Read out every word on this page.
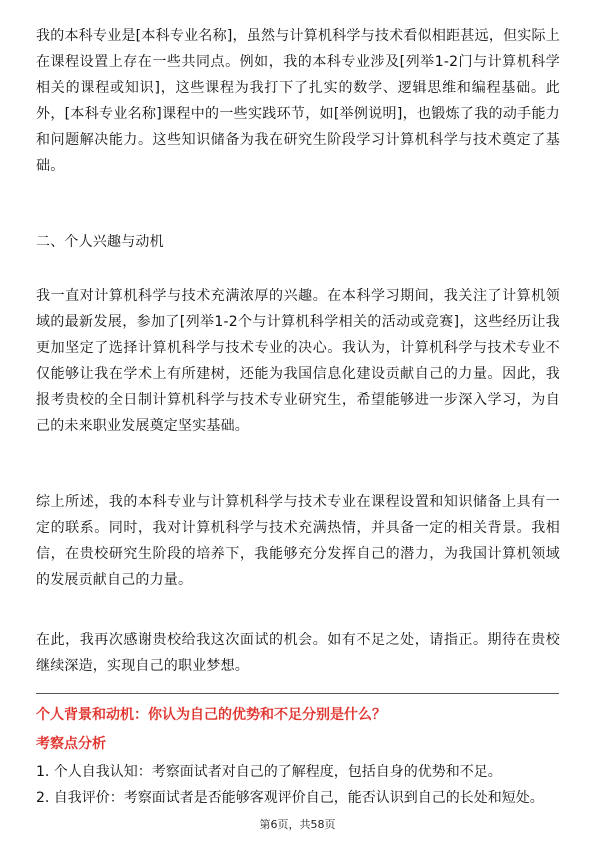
我的本科专业是[本科专业名称]，虽然与计算机科学与技术看似相距甚远，但实际上在课程设置上存在一些共同点。例如，我的本科专业涉及[列举1-2门与计算机科学相关的课程或知识]，这些课程为我打下了扎实的数学、逻辑思维和编程基础。此外，[本科专业名称]课程中的一些实践环节，如[举例说明]，也锻炼了我的动手能力和问题解决能力。这些知识储备为我在研究生阶段学习计算机科学与技术奠定了基础。

二、个人兴趣与动机

我一直对计算机科学与技术充满浓厚的兴趣。在本科学习期间，我关注了计算机领域的最新发展，参加了[列举1-2个与计算机科学相关的活动或竞赛]，这些经历让我更加坚定了选择计算机科学与技术专业的决心。我认为，计算机科学与技术专业不仅能够让我在学术上有所建树，还能为我国信息化建设贡献自己的力量。因此，我报考贵校的全日制计算机科学与技术专业研究生，希望能够进一步深入学习，为自己的未来职业发展奠定坚实基础。

综上所述，我的本科专业与计算机科学与技术专业在课程设置和知识储备上具有一定的联系。同时，我对计算机科学与技术充满热情，并具备一定的相关背景。我相信，在贵校研究生阶段的培养下，我能够充分发挥自己的潜力，为我国计算机领域的发展贡献自己的力量。

在此，我再次感谢贵校给我这次面试的机会。如有不足之处，请指正。期待在贵校继续深造，实现自己的职业梦想。

个人背景和动机：你认为自己的优势和不足分别是什么？

考察点分析

1. 个人自我认知：考察面试者对自己的了解程度，包括自身的优势和不足。
2. 自我评价：考察面试者是否能够客观评价自己，能否认识到自己的长处和短处。
第6页，共58页
